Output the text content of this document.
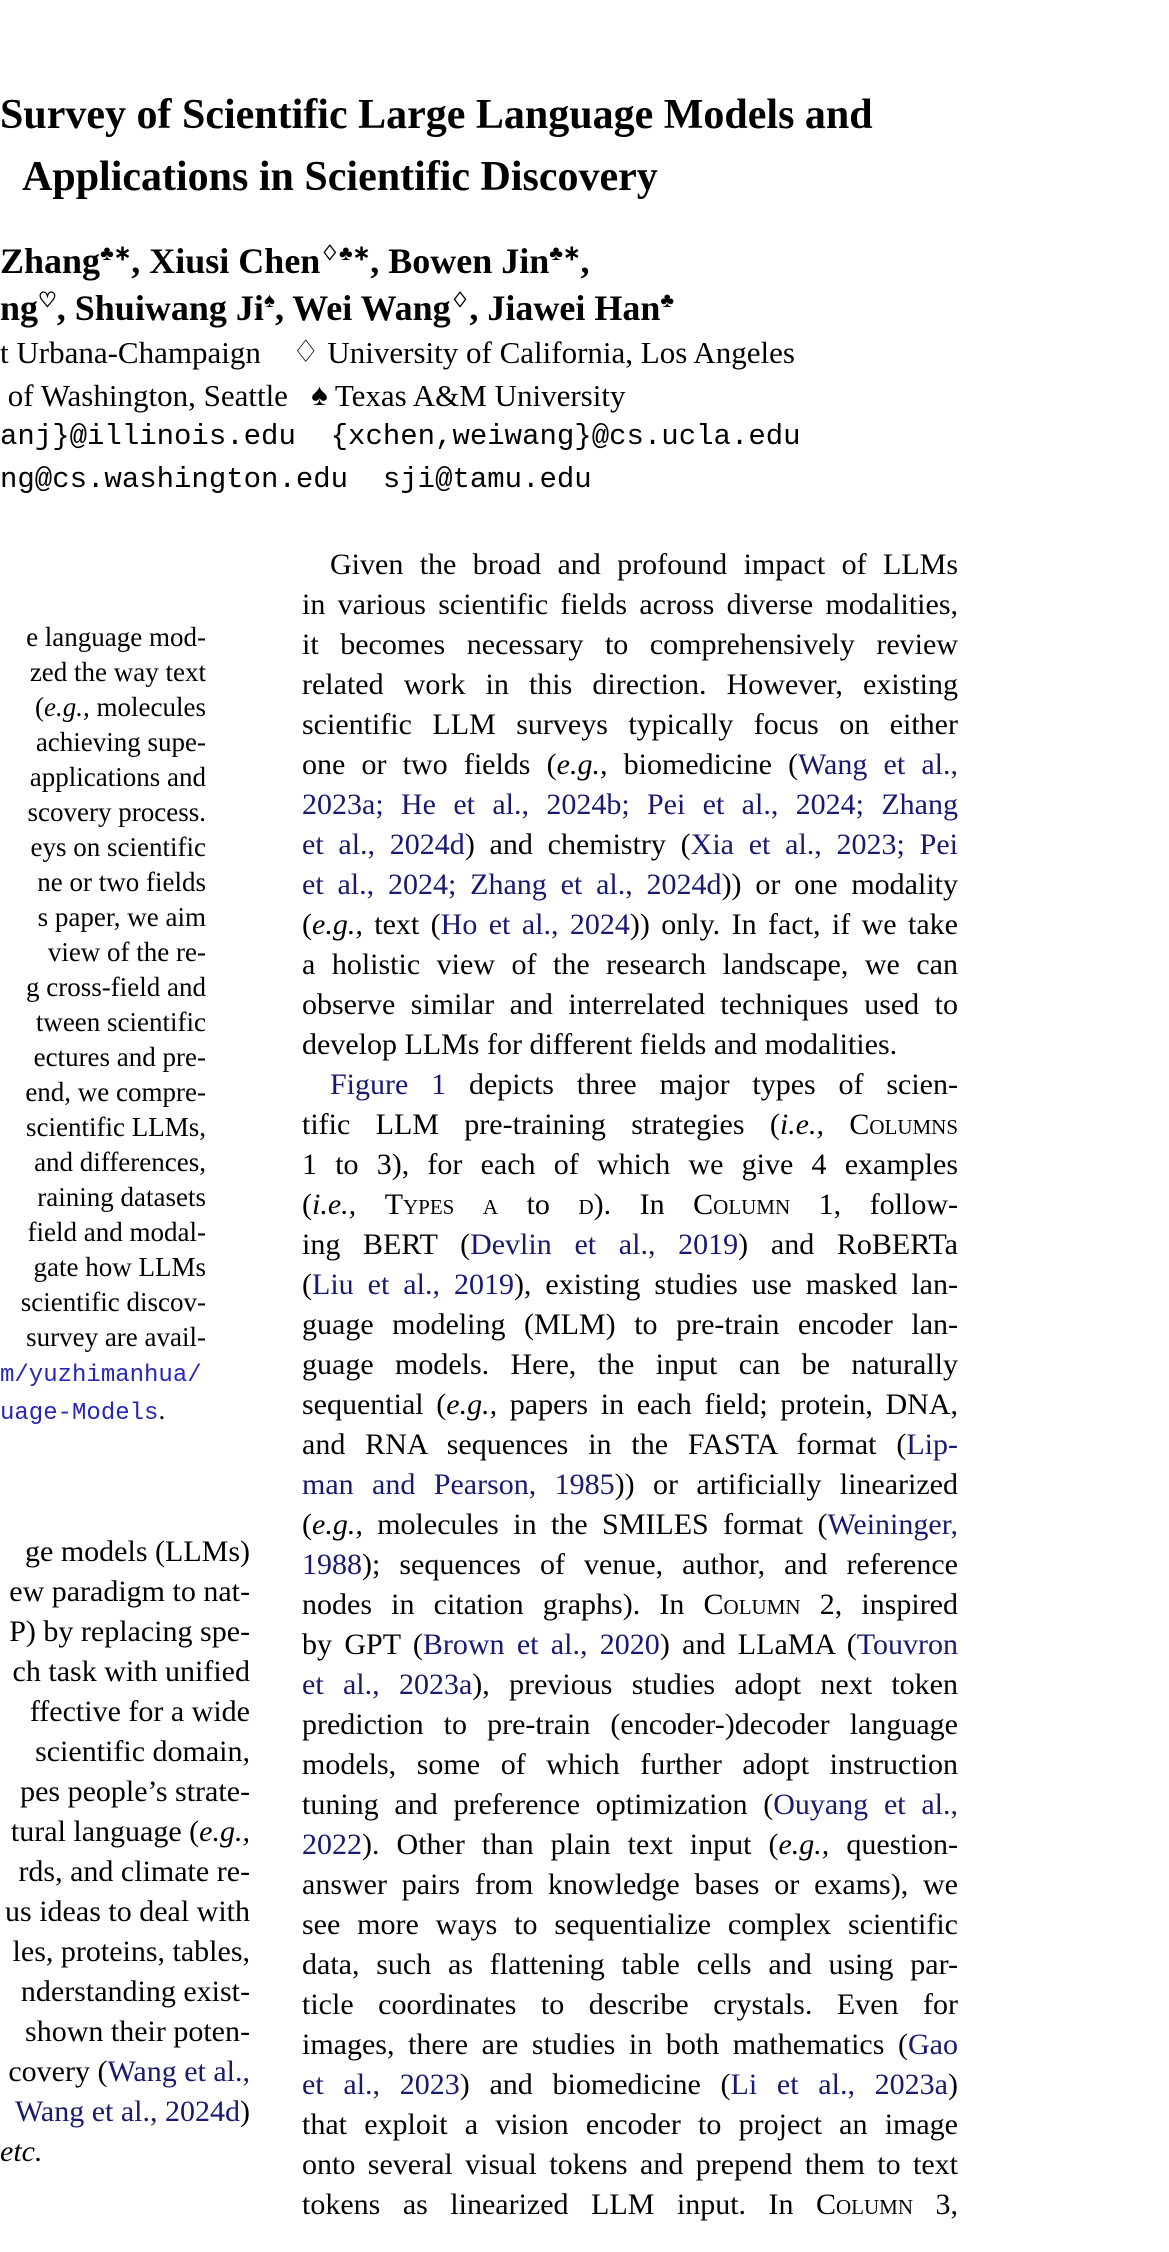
Survey of Scientific Large Language Models and
Applications in Scientific Discovery
Zhang♣∗, Xiusi Chen♢♣∗, Bowen Jin♣∗,
ng♡, Shuiwang Ji♠, Wei Wang♢, Jiawei Han♣
t Urbana-Champaign    ♢ University of California, Los Angeles
of Washington, Seattle   ♠ Texas A&M University
anj}@illinois.edu  {xchen,weiwang}@cs.ucla.edu
ng@cs.washington.edu  sji@tamu.edu
e language mod-
zed the way text
(e.g., molecules
achieving supe-
applications and
scovery process.
eys on scientific
ne or two fields
s paper, we aim
view of the re-
g cross-field and
tween scientific
ectures and pre-
end, we compre-
scientific LLMs,
and differences,
raining datasets
field and modal-
gate how LLMs
scientific discov-
survey are avail-
m/yuzhimanhua/
uage-Models.
ge models (LLMs)
ew paradigm to nat-
P) by replacing spe-
ch task with unified
ffective for a wide
scientific domain,
pes people’s strate-
tural language (e.g.,
rds, and climate re-
us ideas to deal with
les, proteins, tables,
nderstanding exist-
shown their poten-
covery (Wang et al.,
Wang et al., 2024d)
etc.
Given the broad and profound impact of LLMs
in various scientific fields across diverse modalities,
it becomes necessary to comprehensively review
related work in this direction. However, existing
scientific LLM surveys typically focus on either
one or two fields (e.g., biomedicine (Wang et al.,
2023a; He et al., 2024b; Pei et al., 2024; Zhang
et al., 2024d) and chemistry (Xia et al., 2023; Pei
et al., 2024; Zhang et al., 2024d)) or one modality
(e.g., text (Ho et al., 2024)) only. In fact, if we take
a holistic view of the research landscape, we can
observe similar and interrelated techniques used to
develop LLMs for different fields and modalities.
Figure 1 depicts three major types of scien-
tific LLM pre-training strategies (i.e., Columns
1 to 3), for each of which we give 4 examples
(i.e., Types a to d). In Column 1, follow-
ing BERT (Devlin et al., 2019) and RoBERTa
(Liu et al., 2019), existing studies use masked lan-
guage modeling (MLM) to pre-train encoder lan-
guage models. Here, the input can be naturally
sequential (e.g., papers in each field; protein, DNA,
and RNA sequences in the FASTA format (Lip-
man and Pearson, 1985)) or artificially linearized
(e.g., molecules in the SMILES format (Weininger,
1988); sequences of venue, author, and reference
nodes in citation graphs). In Column 2, inspired
by GPT (Brown et al., 2020) and LLaMA (Touvron
et al., 2023a), previous studies adopt next token
prediction to pre-train (encoder-)decoder language
models, some of which further adopt instruction
tuning and preference optimization (Ouyang et al.,
2022). Other than plain text input (e.g., question-
answer pairs from knowledge bases or exams), we
see more ways to sequentialize complex scientific
data, such as flattening table cells and using par-
ticle coordinates to describe crystals. Even for
images, there are studies in both mathematics (Gao
et al., 2023) and biomedicine (Li et al., 2023a)
that exploit a vision encoder to project an image
onto several visual tokens and prepend them to text
tokens as linearized LLM input. In Column 3,
